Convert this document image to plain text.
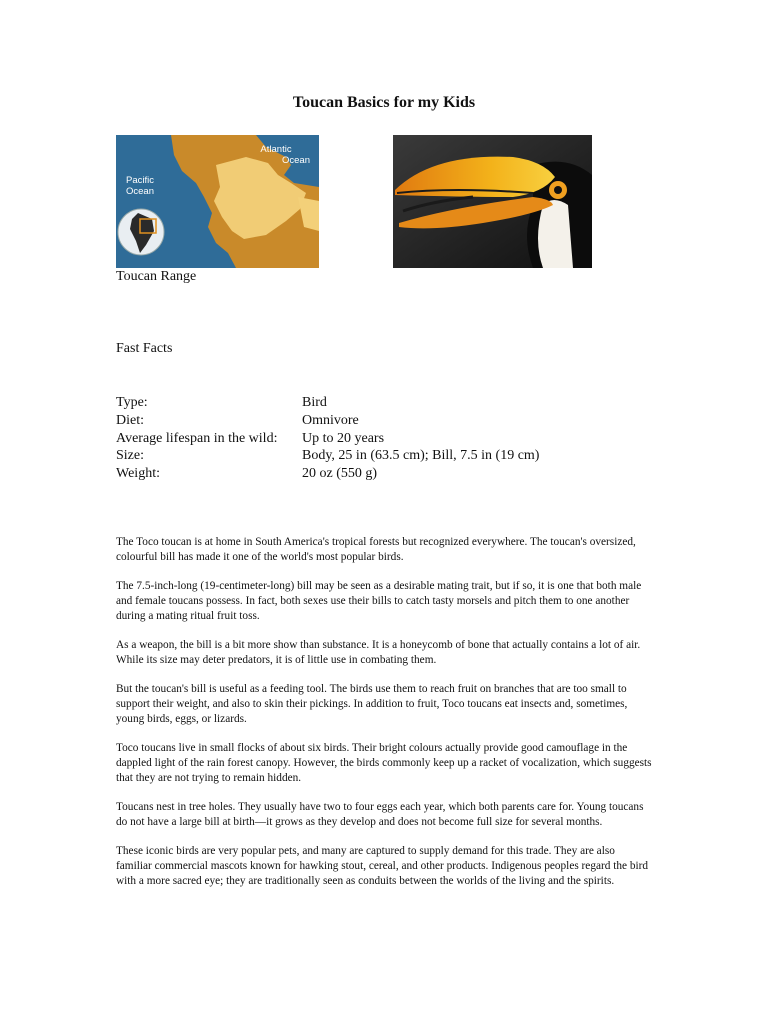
Toucan Basics for my Kids
Atlantic
Ocean
Pacific
Ocean
Toucan Range
Fast Facts
Type:	Bird
Diet:	Omnivore
Average lifespan in the wild:	Up to 20 years
Size:	Body, 25 in (63.5 cm); Bill, 7.5 in (19 cm)
Weight:	20 oz (550 g)

The Toco toucan is at home in South America's tropical forests but recognized everywhere. The toucan's oversized, colourful bill has made it one of the world's most popular birds.

The 7.5-inch-long (19-centimeter-long) bill may be seen as a desirable mating trait, but if so, it is one that both male and female toucans possess. In fact, both sexes use their bills to catch tasty morsels and pitch them to one another during a mating ritual fruit toss.

As a weapon, the bill is a bit more show than substance. It is a honeycomb of bone that actually contains a lot of air. While its size may deter predators, it is of little use in combating them.

But the toucan's bill is useful as a feeding tool. The birds use them to reach fruit on branches that are too small to support their weight, and also to skin their pickings. In addition to fruit, Toco toucans eat insects and, sometimes, young birds, eggs, or lizards.

Toco toucans live in small flocks of about six birds. Their bright colours actually provide good camouflage in the dappled light of the rain forest canopy. However, the birds commonly keep up a racket of vocalization, which suggests that they are not trying to remain hidden.

Toucans nest in tree holes. They usually have two to four eggs each year, which both parents care for. Young toucans do not have a large bill at birth—it grows as they develop and does not become full size for several months.

These iconic birds are very popular pets, and many are captured to supply demand for this trade. They are also familiar commercial mascots known for hawking stout, cereal, and other products. Indigenous peoples regard the bird with a more sacred eye; they are traditionally seen as conduits between the worlds of the living and the spirits.
